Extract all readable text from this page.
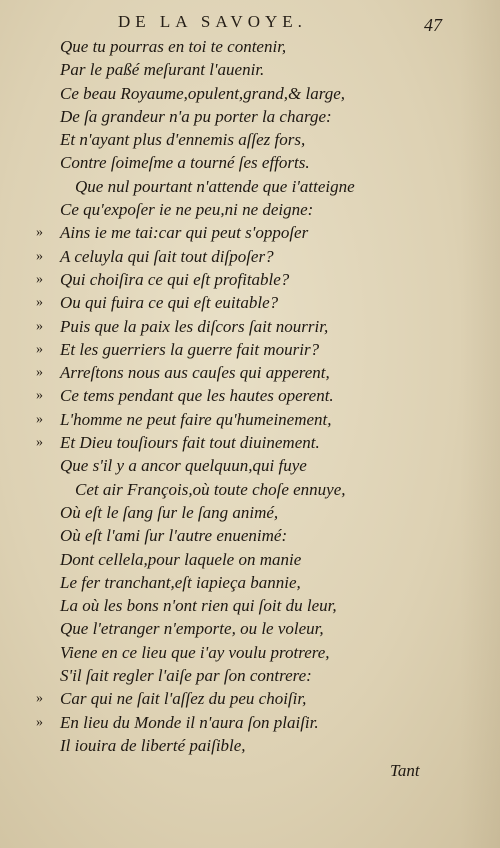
DE LA SAVOYE.	47
Que tu pourras en toi te contenir,
Par le paßé meſurant l'auenir.
Ce beau Royaume,opulent,grand,& large,
De ſa grandeur n'a pu porter la charge:
Et n'ayant plus d'ennemis aſſez fors,
Contre ſoimeſme a tourné ſes efforts.
Que nul pourtant n'attende que i'atteigne
Ce qu'expoſer ie ne peu,ni ne deigne:
» Ains ie me tai:car qui peut s'oppoſer
» A celuyla qui ſait tout diſpoſer?
» Qui choiſira ce qui eſt profitable?
» Ou qui fuira ce qui eſt euitable?
» Puis que la paix les diſcors ſait nourrir,
» Et les guerriers la guerre fait mourir?
» Arreſtons nous aus cauſes qui apperent,
» Ce tems pendant que les hautes operent.
» L'homme ne peut faire qu'humeinement,
» Et Dieu touſiours fait tout diuinement.
Que s'il y a ancor quelquun,qui fuye
Cet air François,où toute choſe ennuye,
Où eſt le ſang ſur le ſang animé,
Où eſt l'ami ſur l'autre enuenimé:
Dont cellela,pour laquele on manie
Le fer tranchant,eſt iapieça bannie,
La où les bons n'ont rien qui ſoit du leur,
Que l'etranger n'emporte, ou le voleur,
Viene en ce lieu que i'ay voulu protrere,
S'il ſait regler l'aiſe par ſon contrere:
» Car qui ne ſait l'aſſez du peu choiſir,
» En lieu du Monde il n'aura ſon plaiſir.
Il iouira de liberté paiſible,
Tant
